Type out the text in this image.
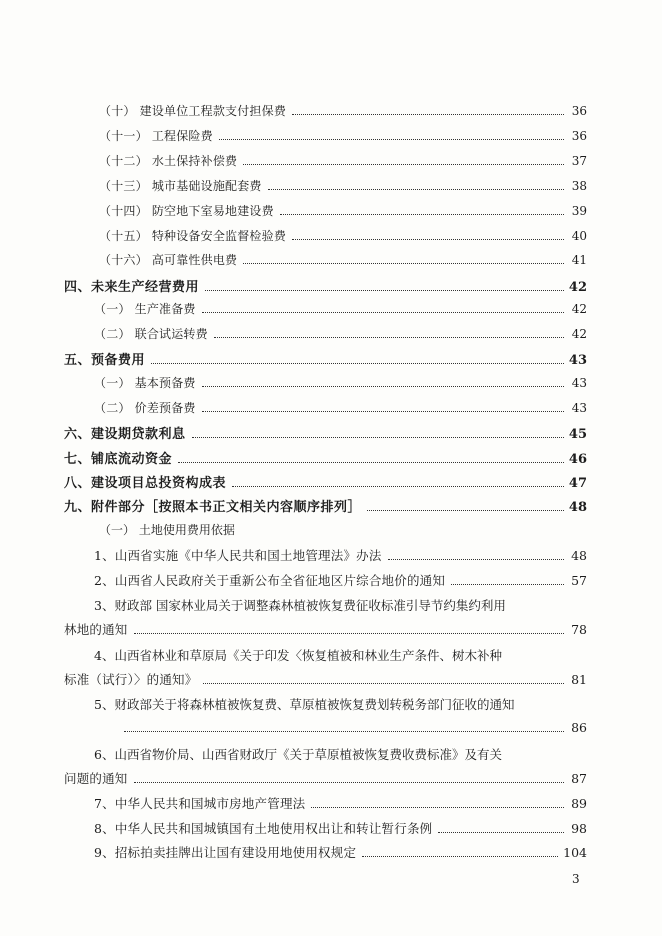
（十） 建设单位工程款支付担保费	36
（十一） 工程保险费	36
（十二） 水土保持补偿费	37
（十三） 城市基础设施配套费	38
（十四） 防空地下室易地建设费	39
（十五） 特种设备安全监督检验费	40
（十六） 高可靠性供电费	41
四、未来生产经营费用	42
（一） 生产准备费	42
（二） 联合试运转费	42
五、预备费用	43
（一） 基本预备费	43
（二） 价差预备费	43
六、建设期贷款利息	45
七、铺底流动资金	46
八、建设项目总投资构成表	47
九、附件部分［按照本书正文相关内容顺序排列］	48
（一） 土地使用费用依据
1、山西省实施《中华人民共和国土地管理法》办法	48
2、山西省人民政府关于重新公布全省征地区片综合地价的通知	57
3、财政部 国家林业局关于调整森林植被恢复费征收标准引导节约集约利用
林地的通知	78
4、山西省林业和草原局《关于印发〈恢复植被和林业生产条件、树木补种
标准（试行）〉的通知》	81
5、财政部关于将森林植被恢复费、草原植被恢复费划转税务部门征收的通知
86
6、山西省物价局、山西省财政厅《关于草原植被恢复费收费标准》及有关
问题的通知	87
7、中华人民共和国城市房地产管理法	89
8、中华人民共和国城镇国有土地使用权出让和转让暂行条例	98
9、招标拍卖挂牌出让国有建设用地使用权规定	104
3
